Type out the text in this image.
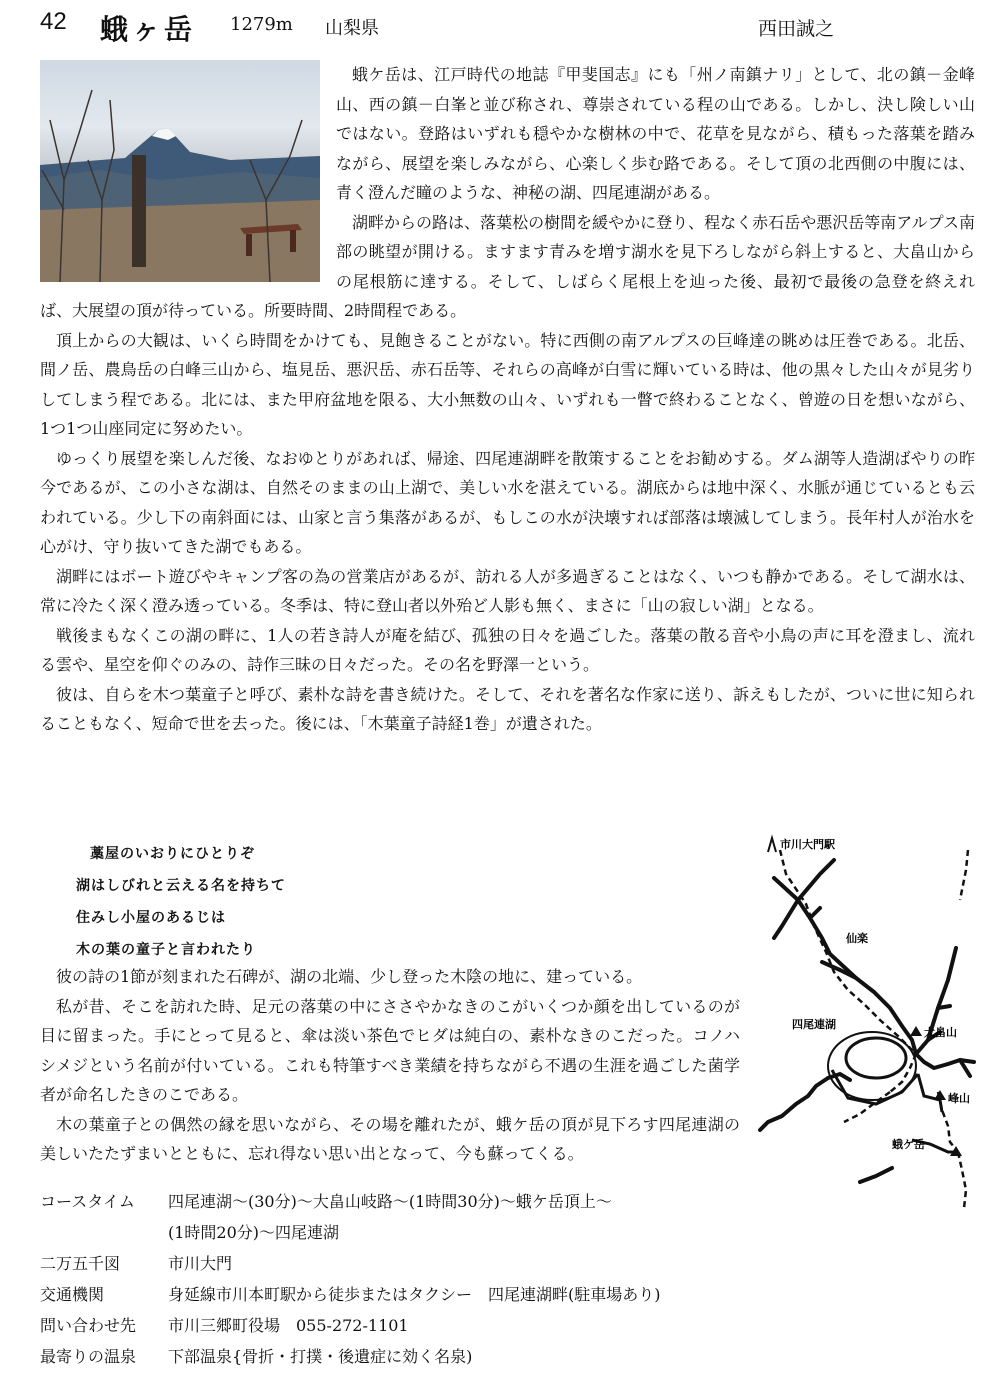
42 蛾ヶ岳 1279m 山梨県	西田誠之

蛾ケ岳は、江戸時代の地誌『甲斐国志』にも「州ノ南鎮ナリ」として、北の鎮－金峰山、西の鎮－白峯と並び称され、尊崇されている程の山である。しかし、決し険しい山ではない。登路はいずれも穏やかな樹林の中で、花草を見ながら、積もった落葉を踏みながら、展望を楽しみながら、心楽しく歩む路である。そして頂の北西側の中腹には、青く澄んだ瞳のような、神秘の湖、四尾連湖がある。

湖畔からの路は、落葉松の樹間を緩やかに登り、程なく赤石岳や悪沢岳等南アルプス南部の眺望が開ける。ますます青みを増す湖水を見下ろしながら斜上すると、大畠山からの尾根筋に達する。そして、しばらく尾根上を辿った後、最初で最後の急登を終えれば、大展望の頂が待っている。所要時間、2時間程である。

頂上からの大観は、いくら時間をかけても、見飽きることがない。特に西側の南アルプスの巨峰達の眺めは圧巻である。北岳、間ノ岳、農鳥岳の白峰三山から、塩見岳、悪沢岳、赤石岳等、それらの高峰が白雪に輝いている時は、他の黒々した山々が見劣りしてしまう程である。北には、また甲府盆地を限る、大小無数の山々、いずれも一瞥で終わることなく、曾遊の日を想いながら、1つ1つ山座同定に努めたい。

ゆっくり展望を楽しんだ後、なおゆとりがあれば、帰途、四尾連湖畔を散策することをお勧めする。ダム湖等人造湖ばやりの昨今であるが、この小さな湖は、自然そのままの山上湖で、美しい水を湛えている。湖底からは地中深く、水脈が通じているとも云われている。少し下の南斜面には、山家と言う集落があるが、もしこの水が決壊すれば部落は壊滅してしまう。長年村人が治水を心がけ、守り抜いてきた湖でもある。

湖畔にはボート遊びやキャンプ客の為の営業店があるが、訪れる人が多過ぎることはなく、いつも静かである。そして湖水は、常に冷たく深く澄み透っている。冬季は、特に登山者以外殆ど人影も無く、まさに「山の寂しい湖」となる。

戦後まもなくこの湖の畔に、1人の若き詩人が庵を結び、孤独の日々を過ごした。落葉の散る音や小鳥の声に耳を澄まし、流れる雲や、星空を仰ぐのみの、詩作三昧の日々だった。その名を野澤一という。

彼は、自らを木つ葉童子と呼び、素朴な詩を書き続けた。そして、それを著名な作家に送り、訴えもしたが、ついに世に知られることもなく、短命で世を去った。後には、「木葉童子詩経1巻」が遺された。

藁屋のいおりにひとりぞ
湖はしびれと云える名を持ちて
住みし小屋のあるじは
木の葉の童子と言われたり

彼の詩の1節が刻まれた石碑が、湖の北端、少し登った木陰の地に、建っている。

私が昔、そこを訪れた時、足元の落葉の中にささやかなきのこがいくつか顔を出しているのが目に留まった。手にとって見ると、傘は淡い茶色でヒダは純白の、素朴なきのこだった。コノハシメジという名前が付いている。これも特筆すべき業績を持ちながら不遇の生涯を過ごした菌学者が命名したきのこである。

木の葉童子との偶然の縁を思いながら、その場を離れたが、蛾ケ岳の頂が見下ろす四尾連湖の美しいたたずまいとともに、忘れ得ない思い出となって、今も蘇ってくる。

コースタイム	四尾連湖～(30分)～大畠山岐路～(1時間30分)～蛾ケ岳頂上～
(1時間20分)～四尾連湖
二万五千図	市川大門
交通機関	身延線市川本町駅から徒歩またはタクシー　四尾連湖畔(駐車場あり)
問い合わせ先	市川三郷町役場　055-272-1101
最寄りの温泉	下部温泉{骨折・打撲・後遺症に効く名泉)
市川大門駅
仙楽
四尾連湖
大畠山
峰山
蛾ケ岳
